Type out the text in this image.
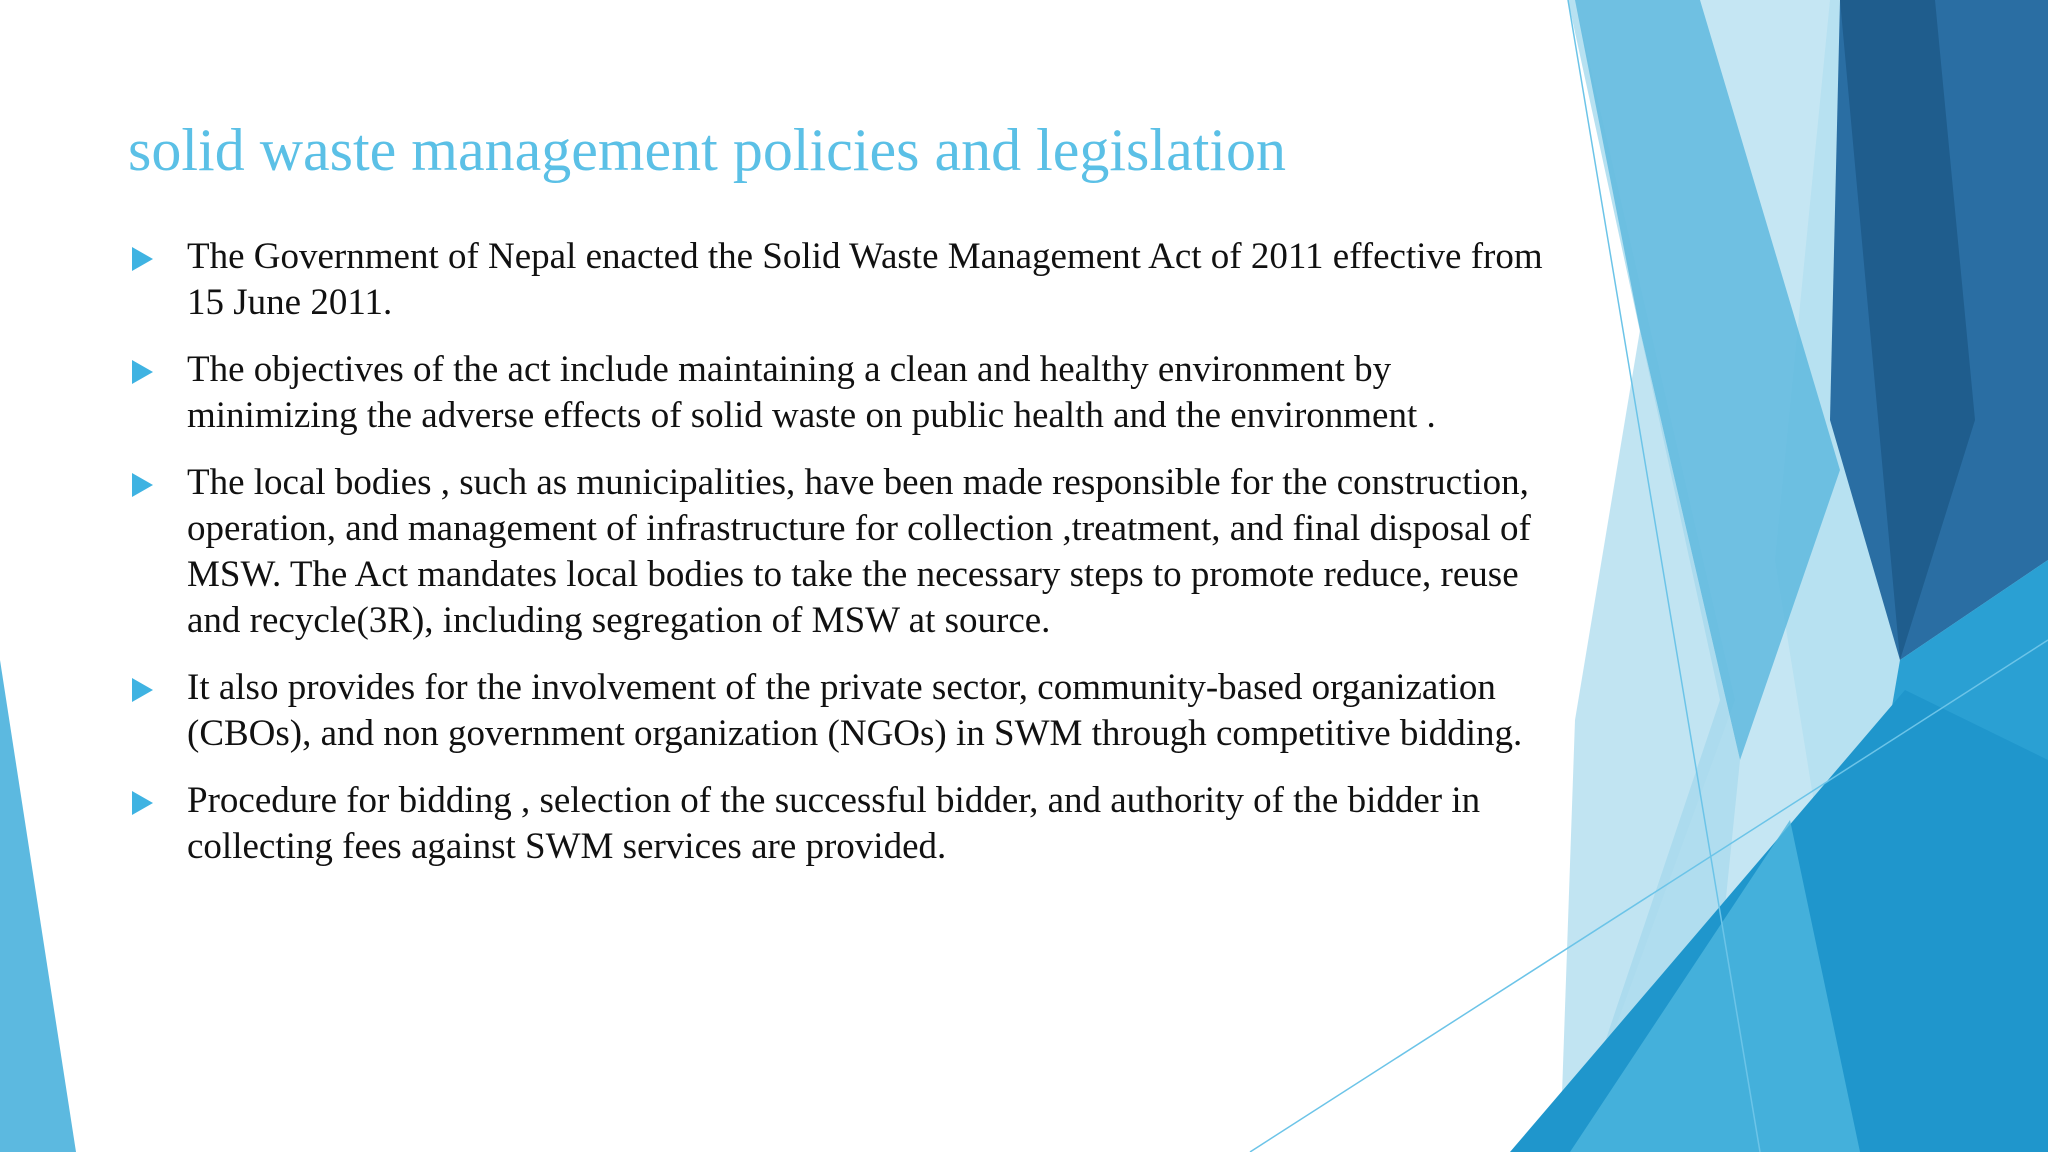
solid waste management policies and legislation
The Government of Nepal enacted the Solid Waste Management Act of 2011 effective from 15 June 2011.
The objectives of the act include maintaining a clean and healthy environment by minimizing the adverse effects of solid waste on public health and the environment .
The local bodies , such as municipalities, have been made responsible for the construction, operation, and management of infrastructure for collection ,treatment, and final disposal of MSW. The Act mandates local bodies to take the necessary steps to promote reduce, reuse and recycle(3R), including segregation of MSW at source.
It also provides for the involvement of the private sector, community-based organization (CBOs), and non government organization (NGOs) in SWM through competitive bidding.
Procedure for bidding , selection of the successful bidder, and authority of the bidder in collecting fees against SWM services are provided.
